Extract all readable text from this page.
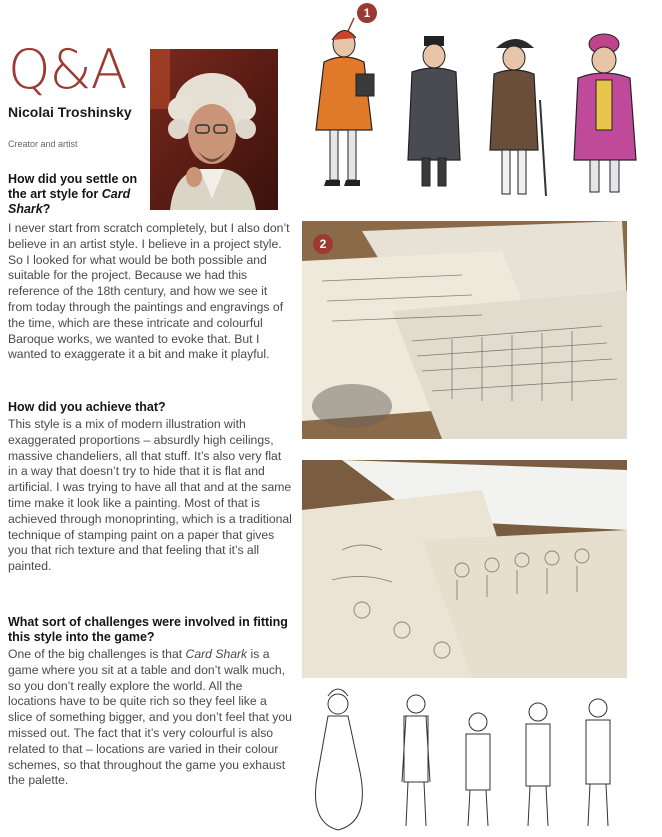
Q&A
Nicolai Troshinsky
Creator and artist
How did you settle on the art style for Card Shark?
I never start from scratch completely, but I also don’t believe in an artist style. I believe in a project style. So I looked for what would be both possible and suitable for the project. Because we had this reference of the 18th century, and how we see it from today through the paintings and engravings of the time, which are these intricate and colourful Baroque works, we wanted to evoke that. But I wanted to exaggerate it a bit and make it playful.
How did you achieve that?
This style is a mix of modern illustration with exaggerated proportions – absurdly high ceilings, massive chandeliers, all that stuff. It’s also very flat in a way that doesn’t try to hide that it is flat and artificial. I was trying to have all that and at the same time make it look like a painting. Most of that is achieved through monoprinting, which is a traditional technique of stamping paint on a paper that gives you that rich texture and that feeling that it’s all painted.
What sort of challenges were involved in fitting this style into the game?
One of the big challenges is that Card Shark is a game where you sit at a table and don’t walk much, so you don’t really explore the world. All the locations have to be quite rich so they feel like a slice of something bigger, and you don’t feel that you missed out. The fact that it’s very colourful is also related to that – locations are varied in their colour schemes, so that throughout the game you exhaust the palette.
1
2
